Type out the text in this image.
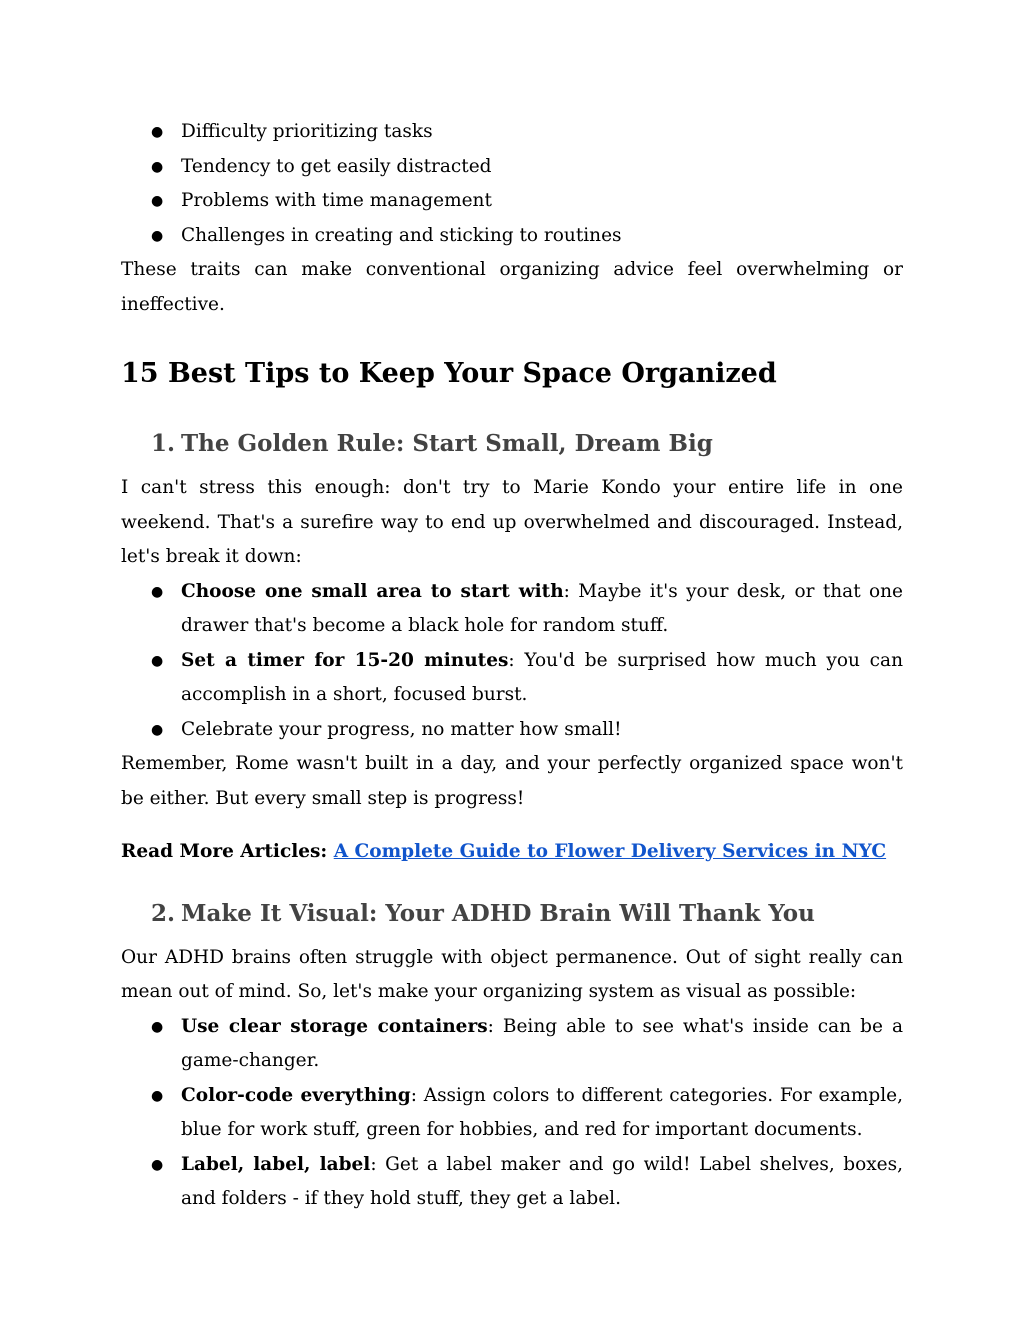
● Difficulty prioritizing tasks
● Tendency to get easily distracted
● Problems with time management
● Challenges in creating and sticking to routines

These traits can make conventional organizing advice feel overwhelming or ineffective.

15 Best Tips to Keep Your Space Organized
1. The Golden Rule: Start Small, Dream Big

I can't stress this enough: don't try to Marie Kondo your entire life in one weekend. That's a surefire way to end up overwhelmed and discouraged. Instead, let's break it down:

● Choose one small area to start with: Maybe it's your desk, or that one drawer that's become a black hole for random stuff.
● Set a timer for 15-20 minutes: You'd be surprised how much you can accomplish in a short, focused burst.
● Celebrate your progress, no matter how small!

Remember, Rome wasn't built in a day, and your perfectly organized space won't be either. But every small step is progress!

Read More Articles: A Complete Guide to Flower Delivery Services in NYC

2. Make It Visual: Your ADHD Brain Will Thank You

Our ADHD brains often struggle with object permanence. Out of sight really can mean out of mind. So, let's make your organizing system as visual as possible:

● Use clear storage containers: Being able to see what's inside can be a game-changer.
● Color-code everything: Assign colors to different categories. For example, blue for work stuff, green for hobbies, and red for important documents.
● Label, label, label: Get a label maker and go wild! Label shelves, boxes, and folders - if they hold stuff, they get a label.
